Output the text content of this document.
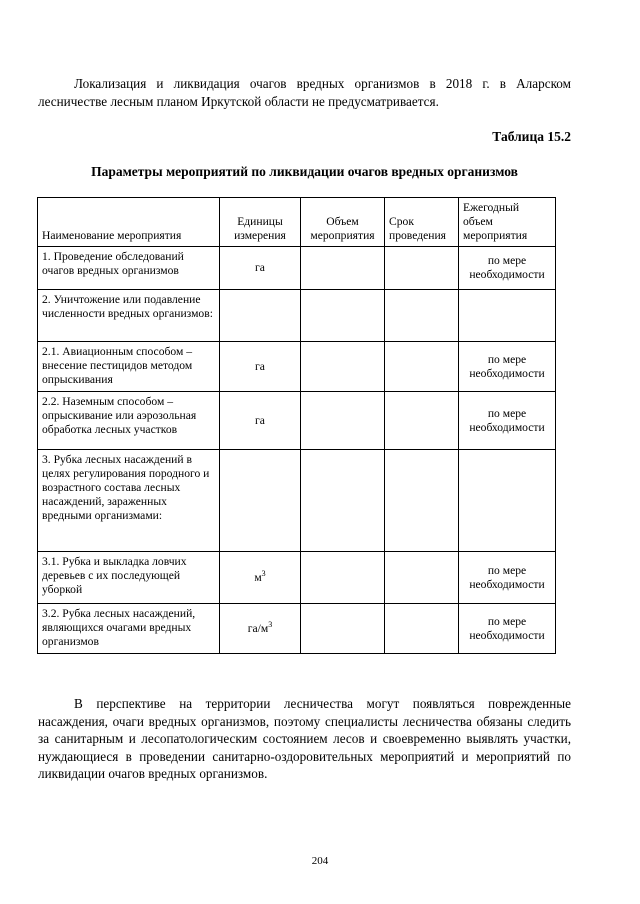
Локализация и ликвидация очагов вредных организмов в 2018 г. в Аларском лесничестве лесным планом Иркутской области не предусматривается.

Таблица 15.2
Параметры мероприятий по ликвидации очагов вредных организмов
Наименование мероприятия	Единицы измерения	Объем мероприятия	Срок проведения	Ежегодный объем мероприятия
1. Проведение обследований очагов вредных организмов	га			по мере необходимости
2. Уничтожение или подавление численности вредных организмов:				
2.1. Авиационным способом – внесение пестицидов методом опрыскивания	га			по мере необходимости
2.2. Наземным способом – опрыскивание или аэрозольная обработка лесных участков	га			по мере необходимости
3. Рубка лесных насаждений в целях регулирования породного и возрастного состава лесных насаждений, зараженных вредными организмами:				
3.1. Рубка и выкладка ловчих деревьев с их последующей уборкой	$м^3$			по мере необходимости
3.2. Рубка лесных насаждений, являющихся очагами вредных организмов	$га/м^3$			по мере необходимости

В перспективе на территории лесничества могут появляться поврежденные насаждения, очаги вредных организмов, поэтому специалисты лесничества обязаны следить за санитарным и лесопатологическим состоянием лесов и своевременно выявлять участки, нуждающиеся в проведении санитарно-оздоровительных мероприятий и мероприятий по ликвидации очагов вредных организмов.

204
